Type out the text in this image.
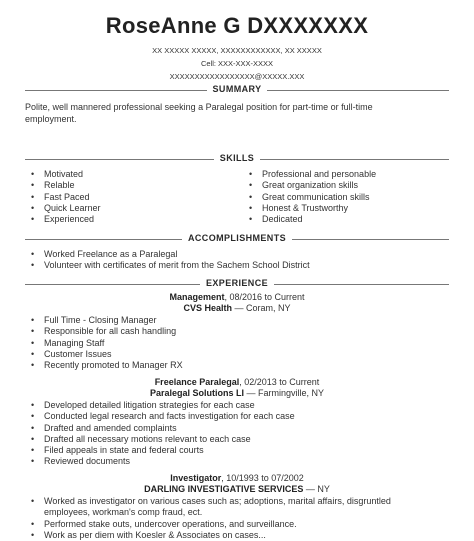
RoseAnne G DXXXXXXX
XX XXXXX XXXXX, XXXXXXXXXXXX, XX XXXXX
Cell: XXX-XXX-XXXX
XXXXXXXXXXXXXXXXX@XXXXX.XXX
SUMMARY
Polite, well mannered professional seeking a Paralegal position for part-time or full-time
employment.
SKILLS
• Motivated
• Relable
• Fast Paced
• Quick Learner
• Experienced
• Professional and personable
• Great organization skills
• Great communication skills
• Honest & Trustworthy
• Dedicated
ACCOMPLISHMENTS
• Worked Freelance as a Paralegal
• Volunteer with certificates of merit from the Sachem School District
EXPERIENCE
Management, 08/2016 to Current
CVS Health — Coram, NY
• Full Time - Closing Manager
• Responsible for all cash handling
• Managing Staff
• Customer Issues
• Recently promoted to Manager RX
Freelance Paralegal, 02/2013 to Current
Paralegal Solutions LI — Farmingville, NY
• Developed detailed litigation strategies for each case
• Conducted legal research and facts investigation for each case
• Drafted and amended complaints
• Drafted all necessary motions relevant to each case
• Filed appeals in state and federal courts
• Reviewed documents
Investigator, 10/1993 to 07/2002
DARLING INVESTIGATIVE SERVICES — NY
• Worked as investigator on various cases such as; adoptions, marital affairs, disgruntled
employees, workman's comp fraud, ect.
• Performed stake outs, undercover operations, and surveillance.
• Work as per diem with Koesler & Associates on cases...
